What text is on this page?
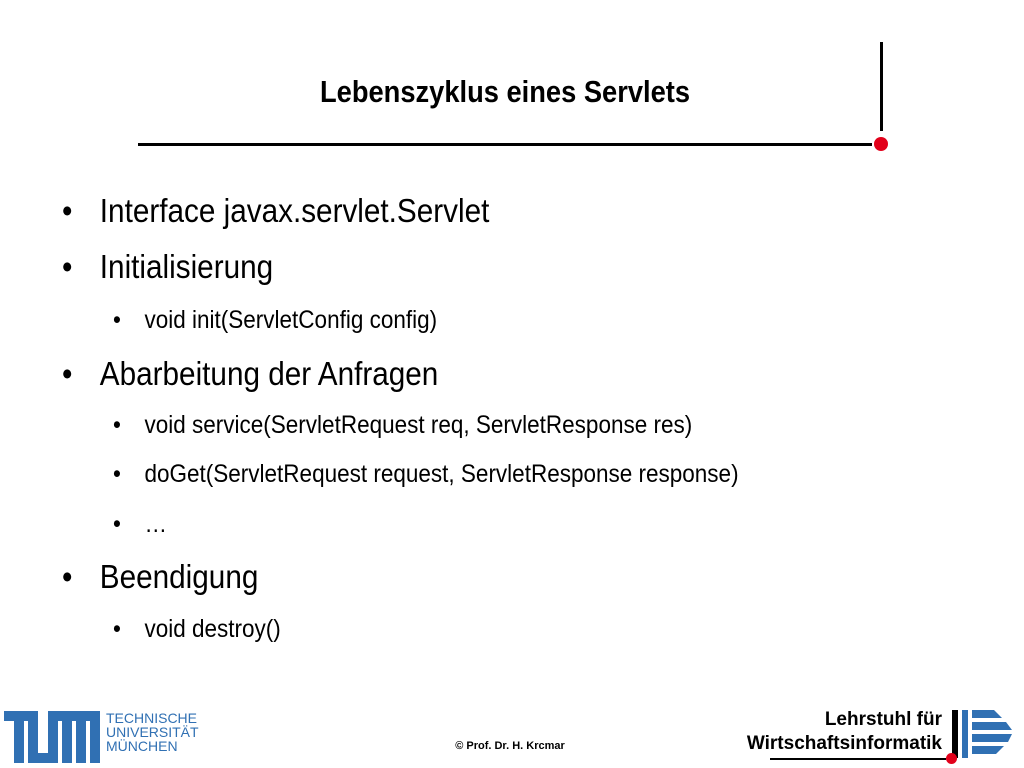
Lebenszyklus eines Servlets
• Interface javax.servlet.Servlet
• Initialisierung
• void init(ServletConfig config)
• Abarbeitung der Anfragen
• void service(ServletRequest req, ServletResponse res)
• doGet(ServletRequest request, ServletResponse response)
• …
• Beendigung
• void destroy()
TECHNISCHE
UNIVERSITÄT
MÜNCHEN	© Prof. Dr. H. Krcmar
Lehrstuhl für
Wirtschaftsinformatik
